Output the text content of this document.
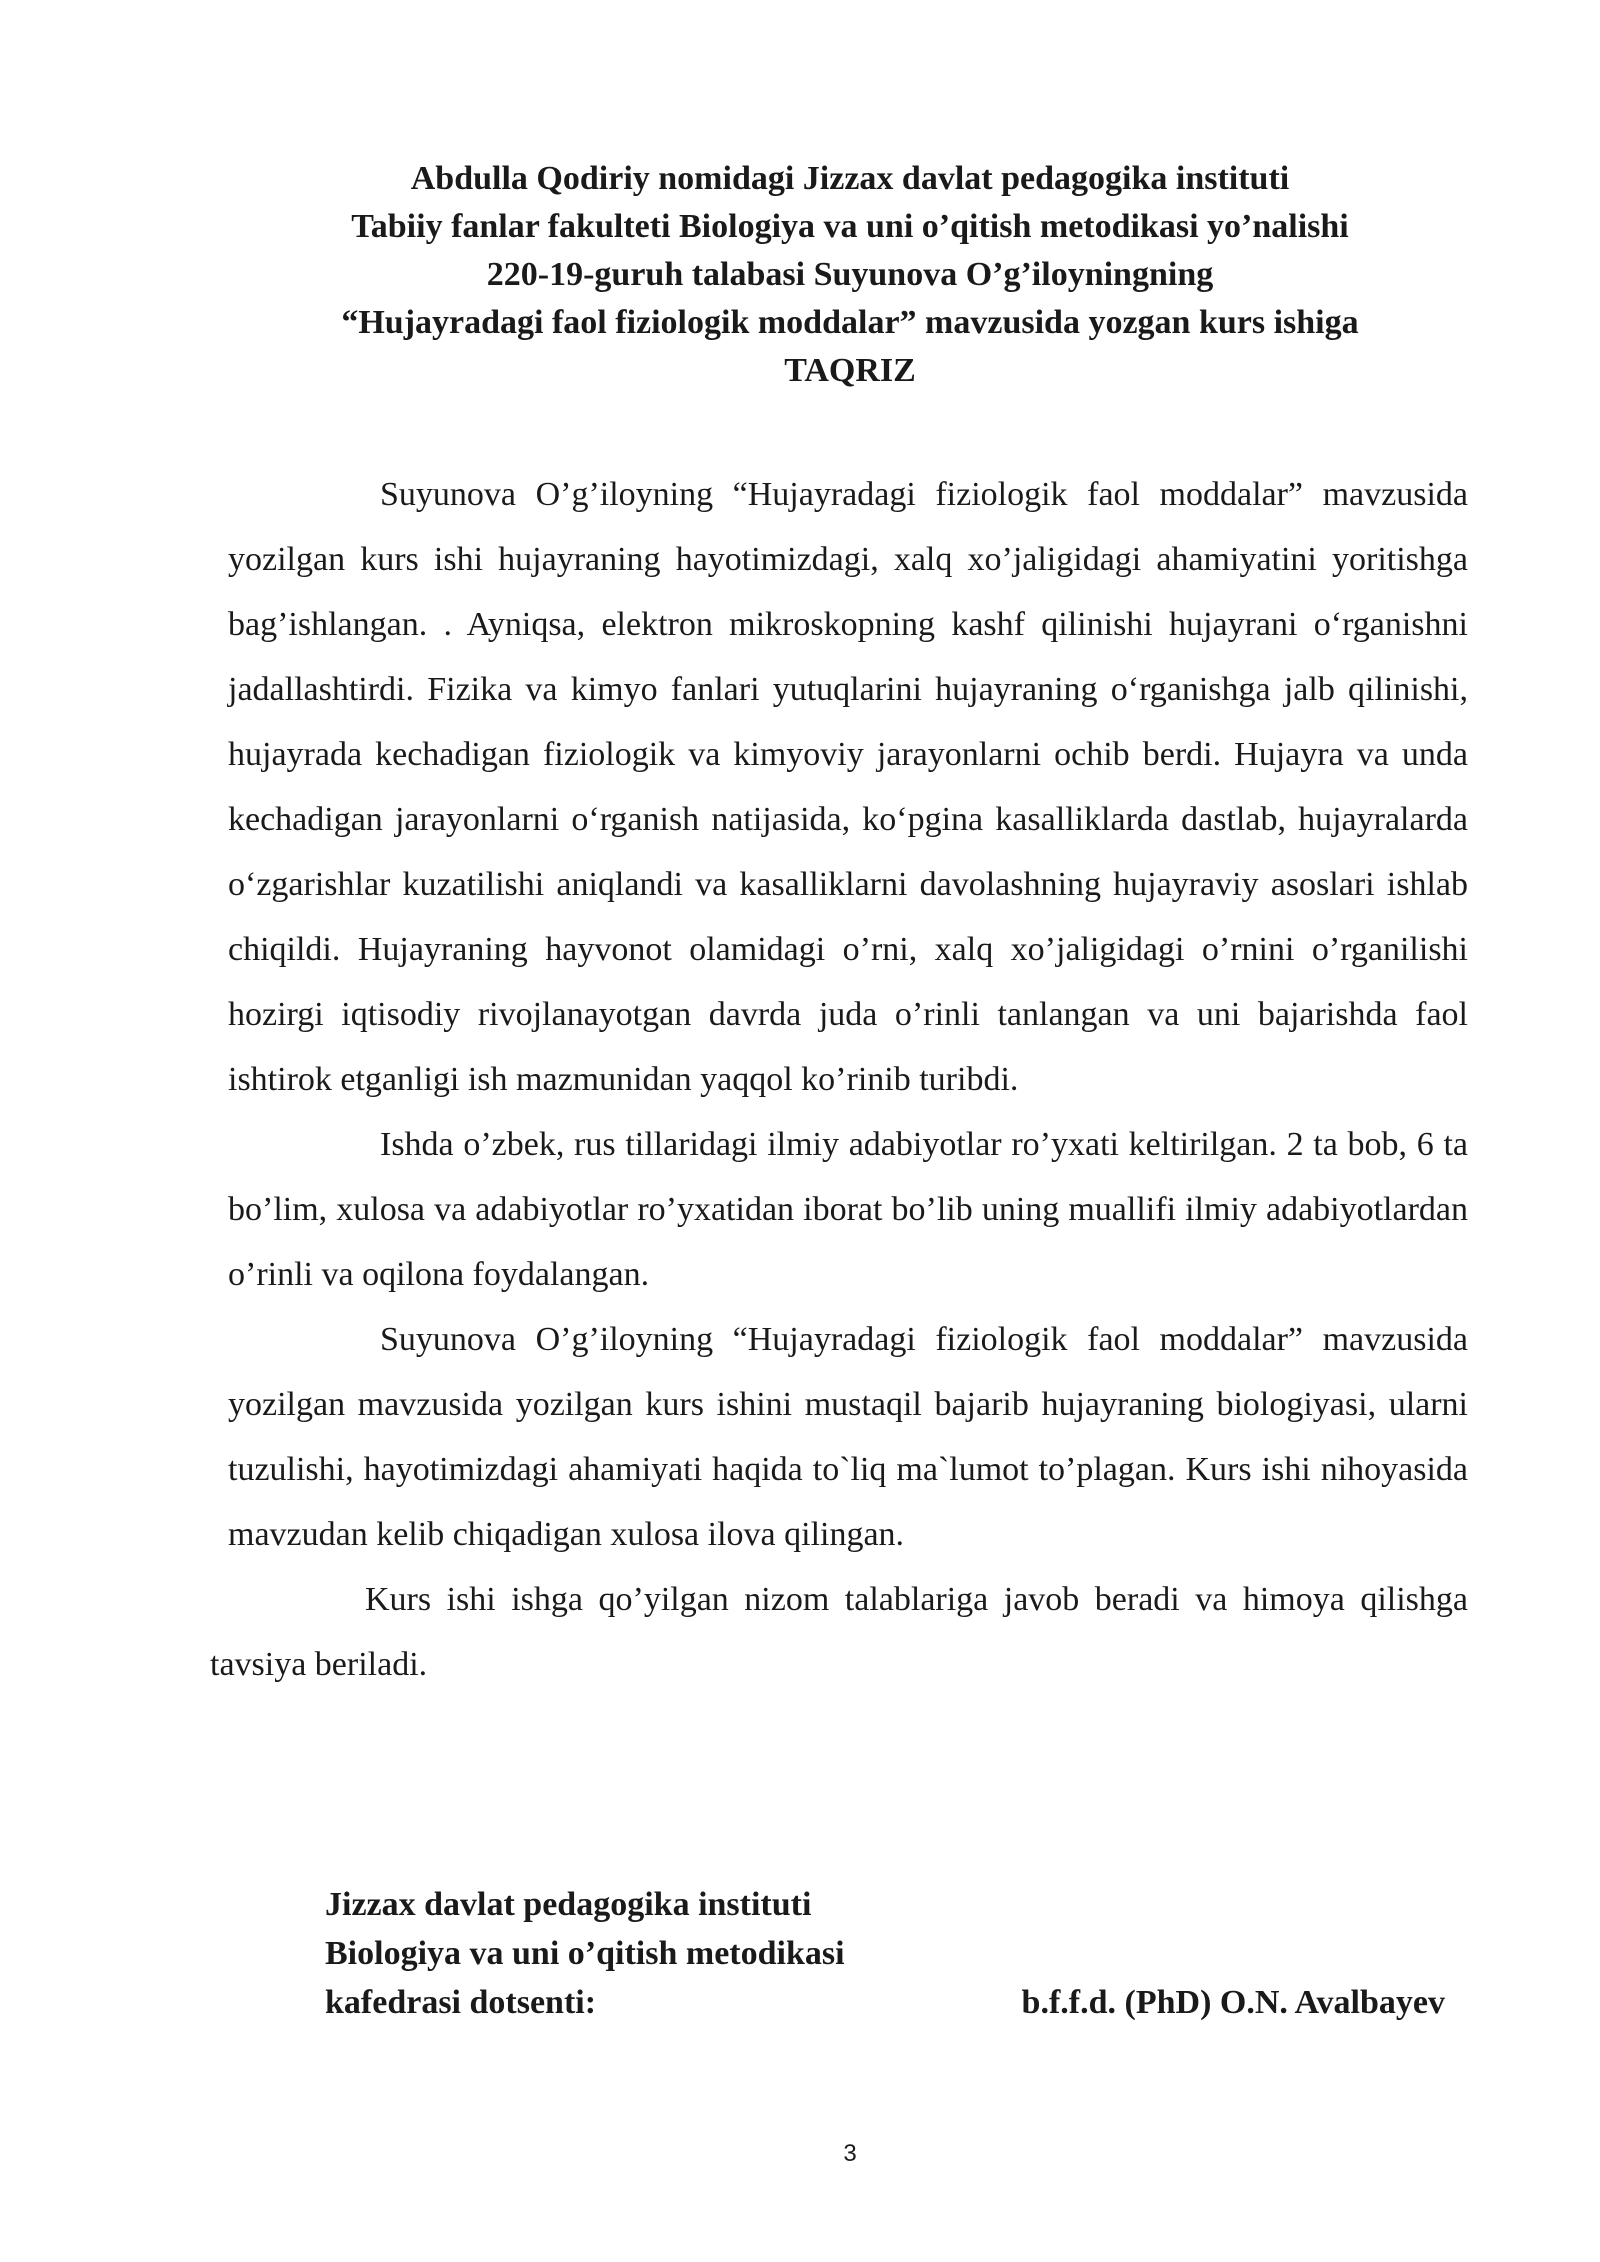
Abdulla Qodiriy nomidagi Jizzax davlat pedagogika instituti
Tabiiy fanlar fakulteti Biologiya va uni o’qitish metodikasi yo’nalishi
220-19-guruh talabasi Suyunova O’g’iloyningning
“Hujayradagi faol fiziologik moddalar” mavzusida yozgan kurs ishiga
TAQRIZ

Suyunova O’g’iloyning “Hujayradagi fiziologik faol moddalar” mavzusida yozilgan kurs ishi hujayraning hayotimizdagi, xalq xo’jaligidagi ahamiyatini yoritishga bag’ishlangan. . Ayniqsa, elektron mikroskopning kashf qilinishi hujayrani oʻrganishni jadallashtirdi. Fizika va kimyo fanlari yutuqlarini hujayraning oʻrganishga jalb qilinishi, hujayrada kechadigan fiziologik va kimyoviy jarayonlarni ochib berdi. Hujayra va unda kechadigan jarayonlarni oʻrganish natijasida, koʻpgina kasalliklarda dastlab, hujayralarda oʻzgarishlar kuzatilishi aniqlandi va kasalliklarni davolashning hujayraviy asoslari ishlab chiqildi. Hujayraning hayvonot olamidagi o’rni, xalq xo’jaligidagi o’rnini o’rganilishi hozirgi iqtisodiy rivojlanayotgan davrda juda o’rinli tanlangan va uni bajarishda faol ishtirok etganligi ish mazmunidan yaqqol ko’rinib turibdi.

Ishda o’zbek, rus tillaridagi ilmiy adabiyotlar ro’yxati keltirilgan. 2 ta bob, 6 ta bo’lim, xulosa va adabiyotlar ro’yxatidan iborat bo’lib uning muallifi ilmiy adabiyotlardan o’rinli va oqilona foydalangan.

Suyunova O’g’iloyning “Hujayradagi fiziologik faol moddalar” mavzusida yozilgan mavzusida yozilgan kurs ishini mustaqil bajarib hujayraning biologiyasi, ularni tuzulishi, hayotimizdagi ahamiyati haqida to`liq ma`lumot to’plagan. Kurs ishi nihoyasida mavzudan kelib chiqadigan xulosa ilova qilingan.

Kurs ishi ishga qo’yilgan nizom talablariga javob beradi va himoya qilishga tavsiya beriladi.

Jizzax davlat pedagogika instituti
Biologiya va uni o’qitish metodikasi
kafedrasi dotsenti:	b.f.f.d. (PhD) O.N. Avalbayev
3
